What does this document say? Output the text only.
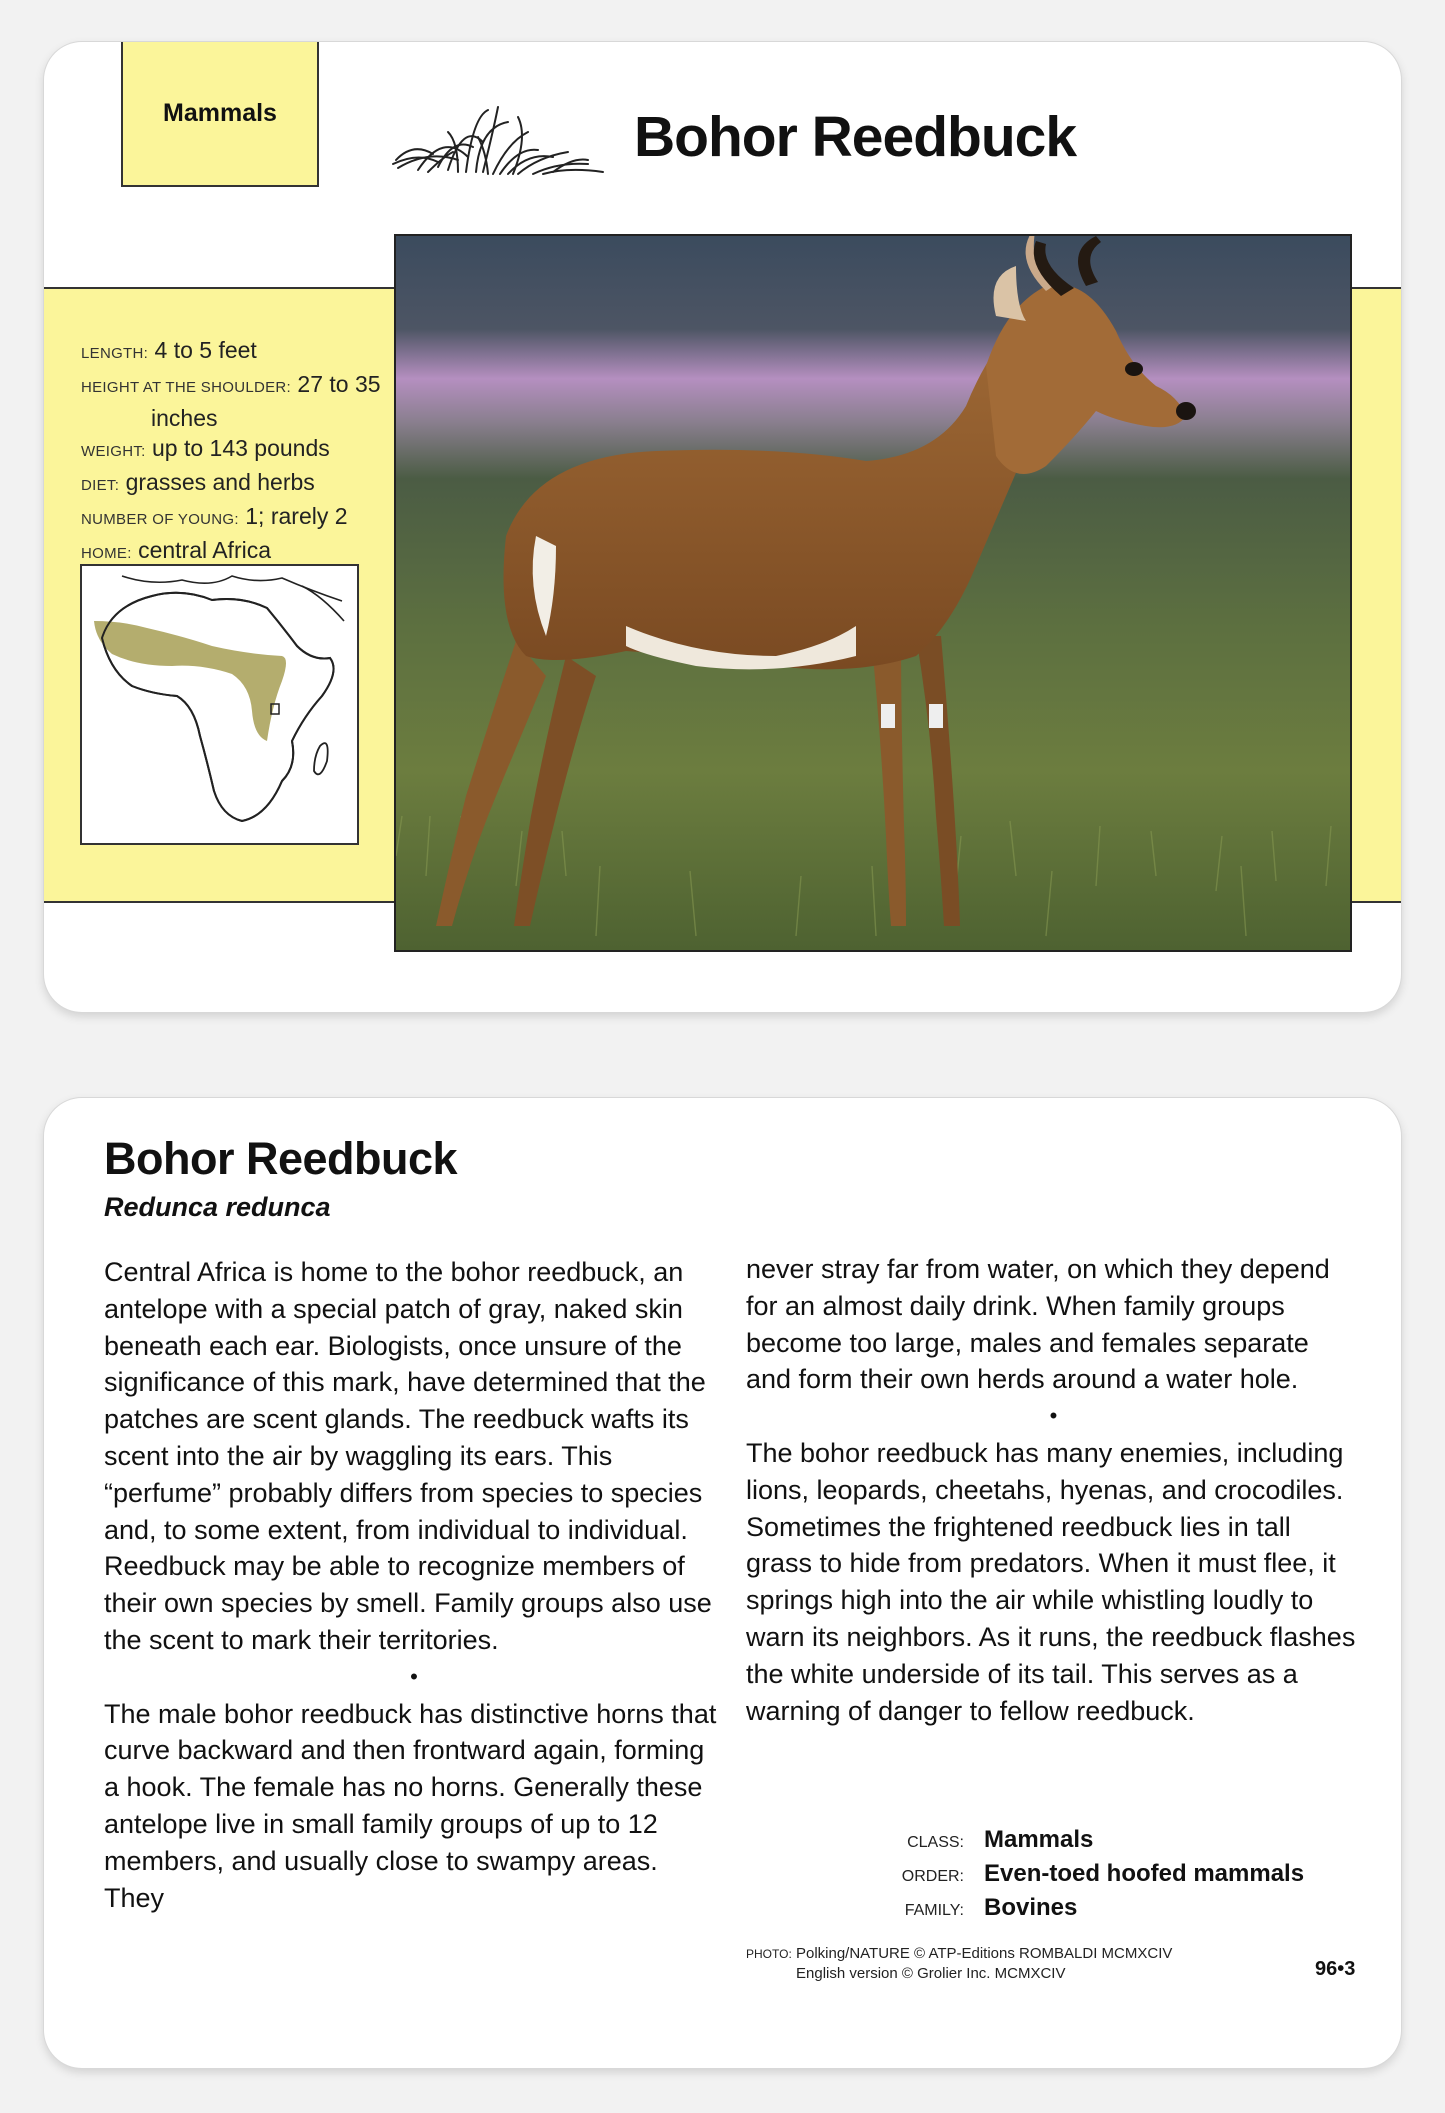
Mammals	Bohor Reedbuck
LENGTH: 4 to 5 feet
HEIGHT AT THE SHOULDER: 27 to 35
inches
WEIGHT: up to 143 pounds
DIET: grasses and herbs
NUMBER OF YOUNG: 1; rarely 2
HOME: central Africa
Bohor Reedbuck
Redunca redunca

Central Africa is home to the bohor reedbuck, an antelope with a special patch of gray, naked skin beneath each ear. Biologists, once unsure of the significance of this mark, have determined that the patches are scent glands. The reedbuck wafts its scent into the air by waggling its ears. This “perfume” probably differs from species to species and, to some extent, from individual to individual. Reedbuck may be able to recognize members of their own species by smell. Family groups also use the scent to mark their territories.

•

The male bohor reedbuck has distinctive horns that curve backward and then frontward again, forming a hook. The female has no horns. Generally these antelope live in small family groups of up to 12 members, and usually close to swampy areas. They

never stray far from water, on which they depend for an almost daily drink. When family groups become too large, males and females separate and form their own herds around a water hole.

•

The bohor reedbuck has many enemies, including lions, leopards, cheetahs, hyenas, and crocodiles. Sometimes the frightened reedbuck lies in tall grass to hide from predators. When it must flee, it springs high into the air while whistling loudly to warn its neighbors. As it runs, the reedbuck flashes the white underside of its tail. This serves as a warning of danger to fellow reedbuck.

CLASS: Mammals
ORDER: Even-toed hoofed mammals
FAMILY: Bovines
PHOTO: Polking/NATURE © ATP-Editions ROMBALDI MCMXCIV
English version © Grolier Inc. MCMXCIV	96•3
